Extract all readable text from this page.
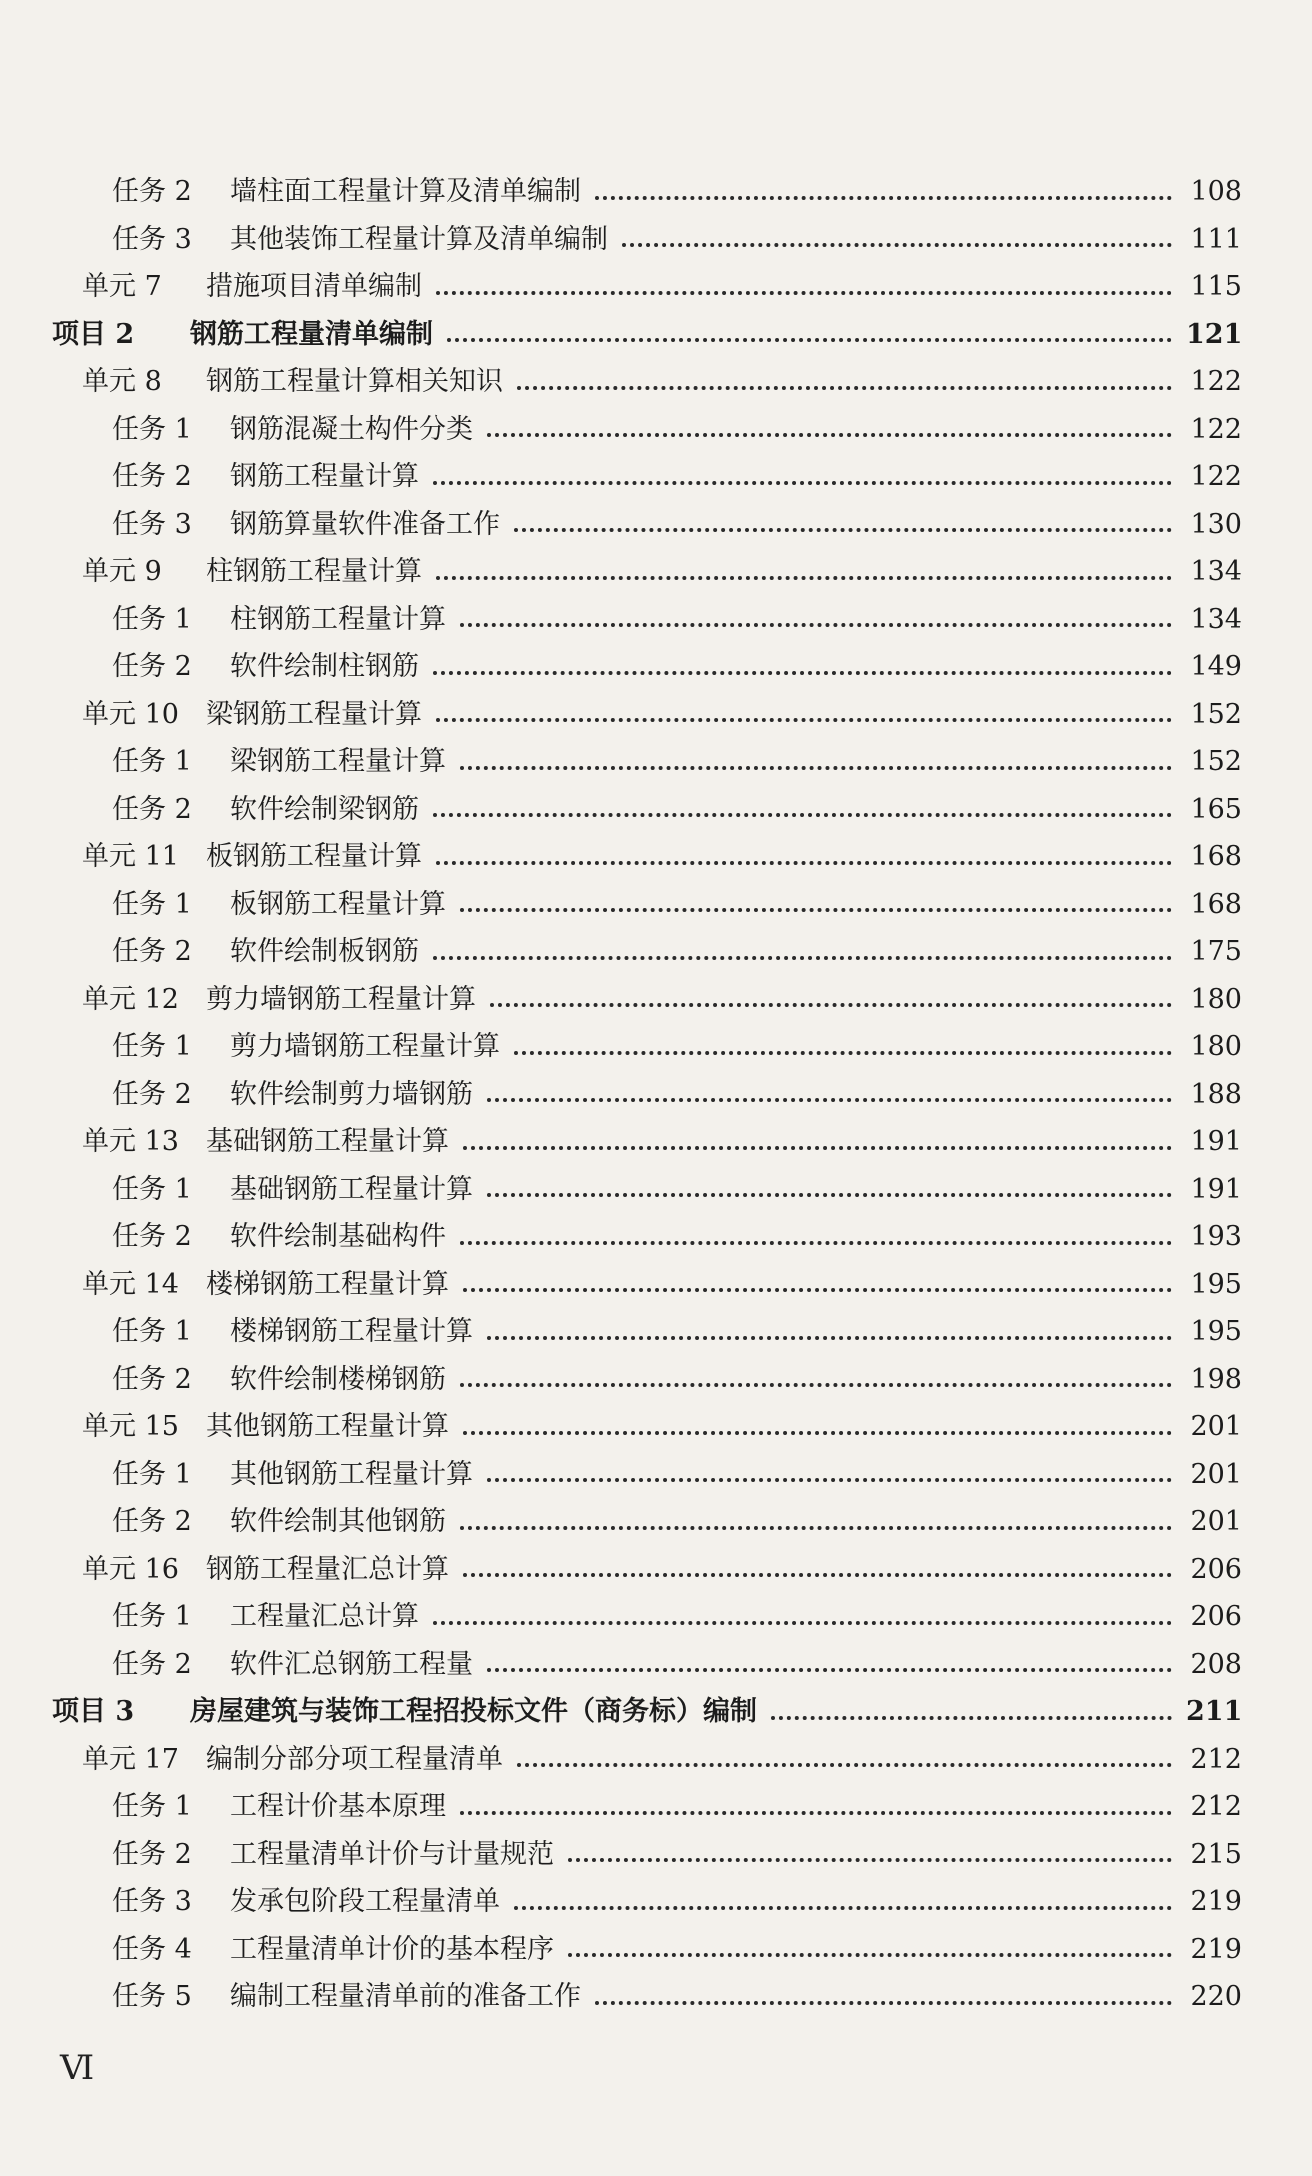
任务 2	墙柱面工程量计算及清单编制	108
任务 3	其他装饰工程量计算及清单编制	111
单元 7	措施项目清单编制	115
项目 2	钢筋工程量清单编制	121
单元 8	钢筋工程量计算相关知识	122
任务 1	钢筋混凝土构件分类	122
任务 2	钢筋工程量计算	122
任务 3	钢筋算量软件准备工作	130
单元 9	柱钢筋工程量计算	134
任务 1	柱钢筋工程量计算	134
任务 2	软件绘制柱钢筋	149
单元 10	梁钢筋工程量计算	152
任务 1	梁钢筋工程量计算	152
任务 2	软件绘制梁钢筋	165
单元 11	板钢筋工程量计算	168
任务 1	板钢筋工程量计算	168
任务 2	软件绘制板钢筋	175
单元 12	剪力墙钢筋工程量计算	180
任务 1	剪力墙钢筋工程量计算	180
任务 2	软件绘制剪力墙钢筋	188
单元 13	基础钢筋工程量计算	191
任务 1	基础钢筋工程量计算	191
任务 2	软件绘制基础构件	193
单元 14	楼梯钢筋工程量计算	195
任务 1	楼梯钢筋工程量计算	195
任务 2	软件绘制楼梯钢筋	198
单元 15	其他钢筋工程量计算	201
任务 1	其他钢筋工程量计算	201
任务 2	软件绘制其他钢筋	201
单元 16	钢筋工程量汇总计算	206
任务 1	工程量汇总计算	206
任务 2	软件汇总钢筋工程量	208
项目 3	房屋建筑与装饰工程招投标文件（商务标）编制	211
单元 17	编制分部分项工程量清单	212
任务 1	工程计价基本原理	212
任务 2	工程量清单计价与计量规范	215
任务 3	发承包阶段工程量清单	219
任务 4	工程量清单计价的基本程序	219
任务 5	编制工程量清单前的准备工作	220
Ⅵ
